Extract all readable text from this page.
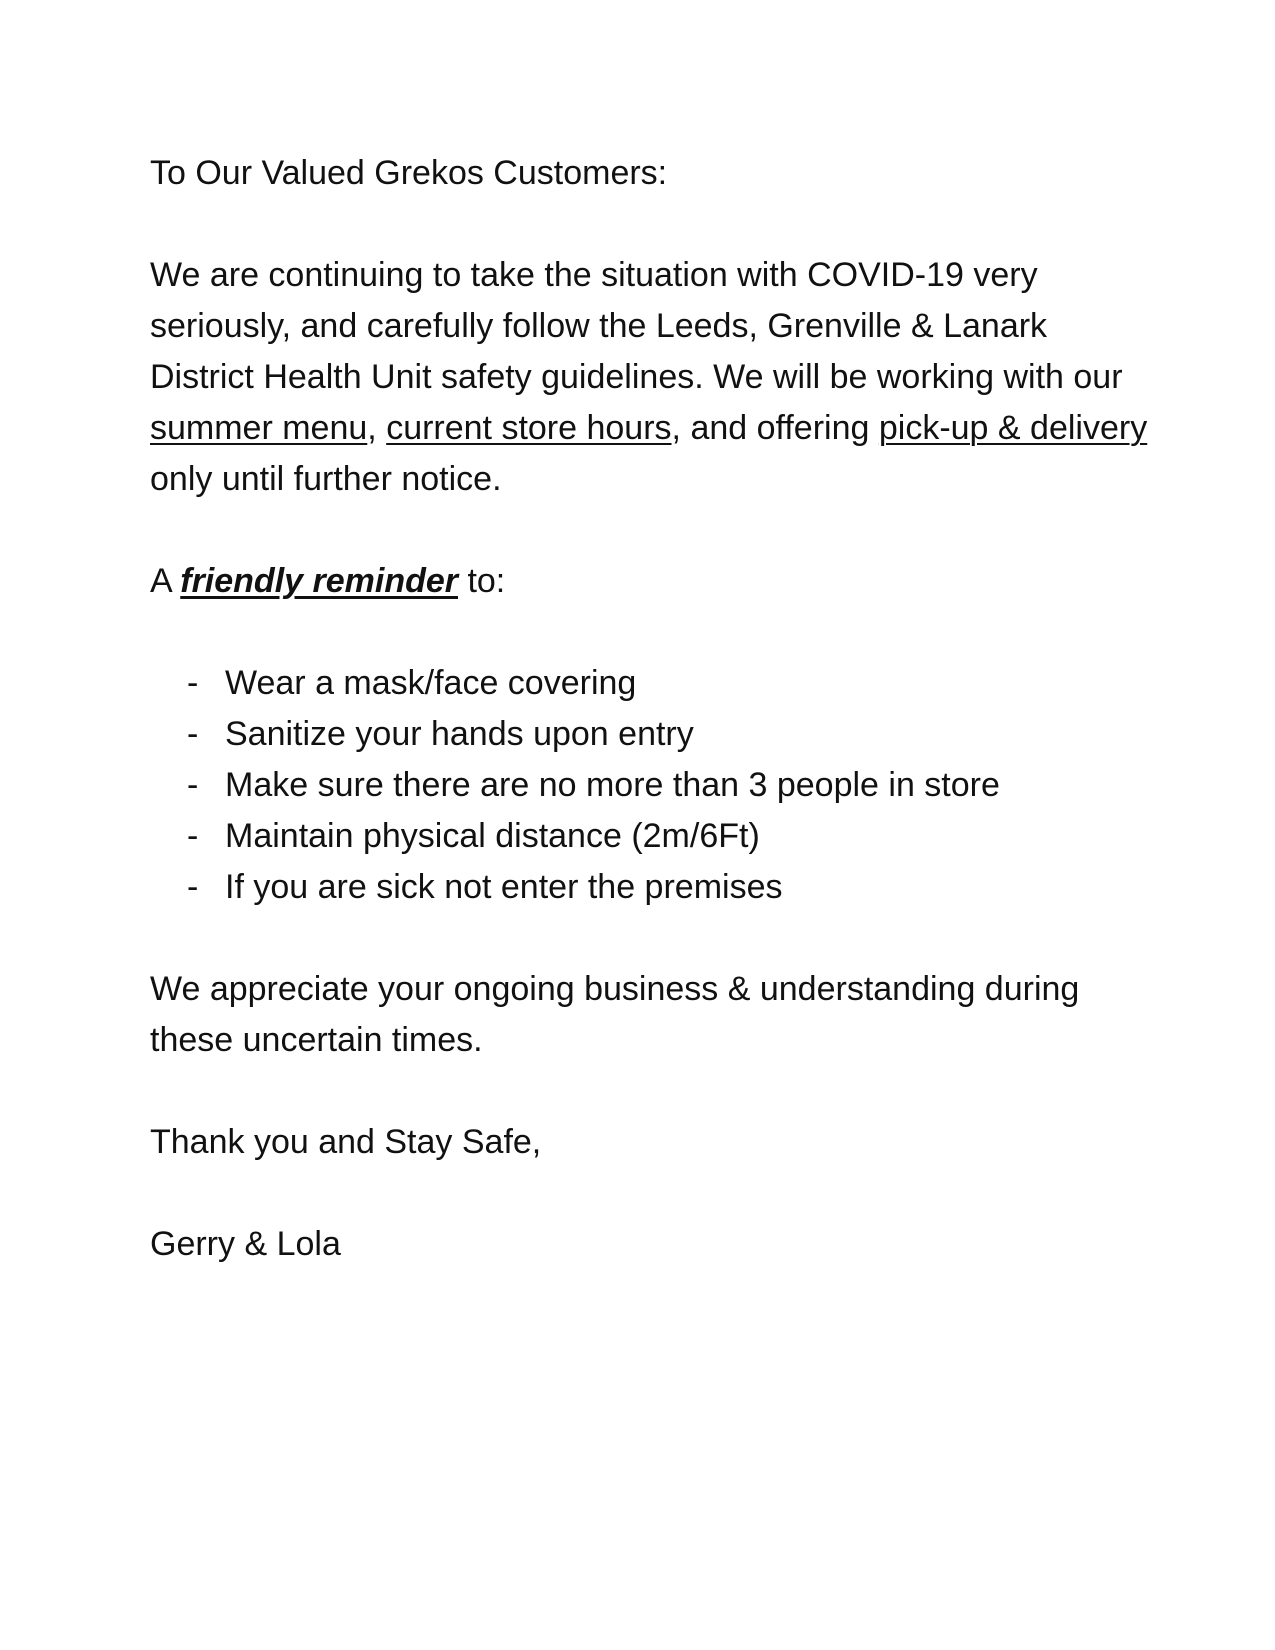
To Our Valued Grekos Customers:

We are continuing to take the situation with COVID-19 very seriously, and carefully follow the Leeds, Grenville & Lanark District Health Unit safety guidelines. We will be working with our summer menu, current store hours, and offering pick-up & delivery only until further notice.

A friendly reminder to:

- Wear a mask/face covering
- Sanitize your hands upon entry
- Make sure there are no more than 3 people in store
- Maintain physical distance (2m/6Ft)
- If you are sick not enter the premises

We appreciate your ongoing business & understanding during these uncertain times.

Thank you and Stay Safe,

Gerry & Lola
